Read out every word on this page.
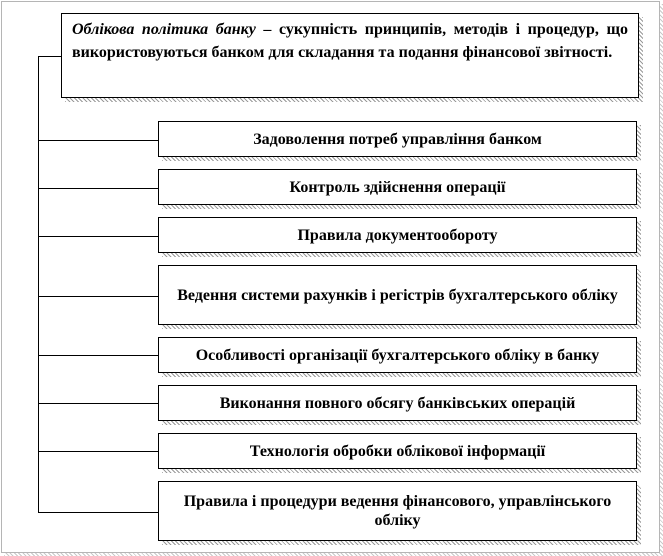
Облікова політика банку – сукупність принципів, методів і процедур, що використовуються банком для складання та подання фінансової звітності.
Задоволення потреб управління банком
Контроль здійснення операції
Правила документообороту
Ведення системи рахунків і регістрів бухгалтерського обліку
Особливості організації бухгалтерського обліку в банку
Виконання повного обсягу банківських операцій
Технологія обробки облікової інформації
Правила і процедури ведення фінансового, управлінського обліку
